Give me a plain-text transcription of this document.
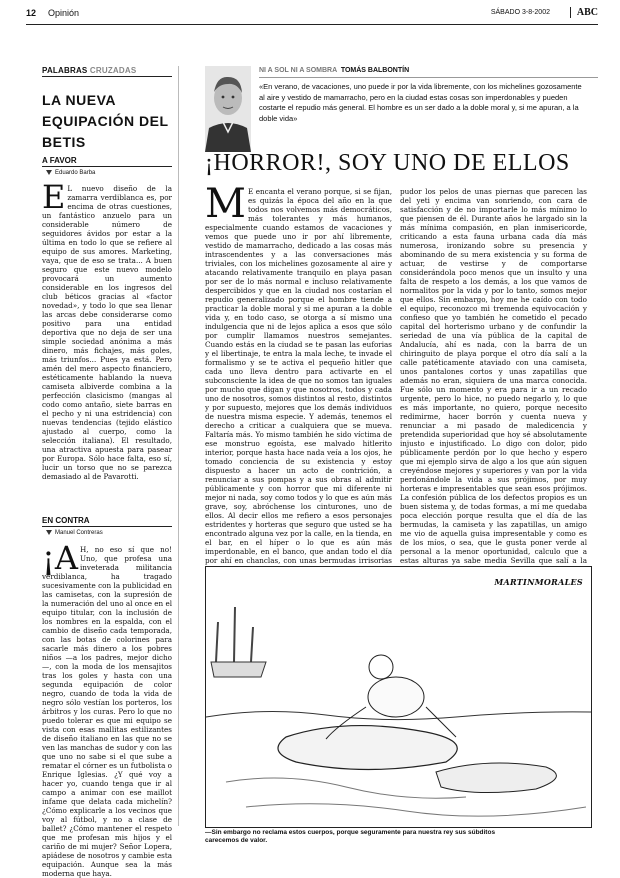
12 Opinión	SÁBADO 3-8-2002	ABC
PALABRAS CRUZADAS
LA NUEVA EQUIPACIÓN DEL BETIS
A FAVOR
Eduardo Barba
E L nuevo diseño de la zamarra verdiblanca es, por encima de otras cuestiones, un fantástico anzuelo para un considerable número de seguidores ávidos por estar a la última en todo lo que se refiere al equipo de sus amores. Marketing, vaya, que de eso se trata... A buen seguro que este nuevo modelo provocará un aumento considerable en los ingresos del club béticos gracias al «factor novedad», y todo lo que sea llenar las arcas debe considerarse como positivo para una entidad deportiva que no deja de ser una simple sociedad anónima a más dinero, más fichajes, más goles, más triunfos... Pues ya está. Pero amén del mero aspecto financiero, estéticamente hablando la nueva camiseta albiverde combina a la perfección clasicismo (mangas al codo como antaño, siete barras en el pecho y ni una estridencia) con nuevas tendencias (tejido elástico ajustado al cuerpo, como la selección italiana). El resultado, una atractiva apuesta para pasear por Europa. Sólo hace falta, eso sí, lucir un torso que no se parezca demasiado al de Pavarotti.
EN CONTRA
Manuel Contreras
¡A H, no eso sí que no! Uno, que profesa una inveterada militancia verdiblanca, ha tragado sucesivamente con la publicidad en las camisetas, con la supresión de la numeración del uno al once en el equipo titular, con la inclusión de los nombres en la espalda, con el cambio de diseño cada temporada, con las botas de colorines para sacarle más dinero a los pobres niños —a los padres, mejor dicho—, con la moda de los mensajitos tras los goles y hasta con una segunda equipación de color negro, cuando de toda la vida de negro sólo vestían los porteros, los árbitros y los curas. Pero lo que no puedo tolerar es que mi equipo se vista con esas mallitas estilizantes de diseño italiano en las que no se ven las manchas de sudor y con las que uno no sabe si el que sube a rematar el córner es un futbolista o Enrique Iglesias. ¿Y qué voy a hacer yo, cuando tenga que ir al campo a animar con ese maillot infame que delata cada michelín? ¿Cómo explicarle a los vecinos que voy al fútbol, y no a clase de ballet? ¿Cómo mantener el respeto que me profesan mis hijos y el cariño de mi mujer? Señor Lopera, apiádese de nosotros y cambie esta equipación. Aunque sea la más moderna que haya.
NI A SOL NI A SOMBRA TOMÁS BALBONTÍN
«En verano, de vacaciones, uno puede ir por la vida libremente, con los michelines gozosamente al aire y vestido de mamarracho, pero en la ciudad estas cosas son imperdonables y pueden costarte el repudio más general. El hombre es un ser dado a la doble moral y, si me apuran, a la doble vida»
¡HORROR!, SOY UNO DE ELLOS
M E encanta el verano porque, si se fijan, es quizás la época del año en la que todos nos volvemos más democráticos, más tolerantes y más humanos, especialmente cuando estamos de vacaciones y vemos que puede uno ir por ahí libremente, vestido de mamarracho, dedicado a las cosas más intrascendentes y a las conversaciones más triviales, con los michelines gozosamente al aire y atacando relativamente tranquilo en playa pasan por ser de lo más normal e incluso relativamente despercibidos y que en la ciudad nos costarían el repudio generalizado porque el hombre tiende a practicar la doble moral y si me apuran a la doble vida y, en todo caso, se otorga a sí mismo una indulgencia que ni de lejos aplica a esos que sólo por cumplir llamamos nuestros semejantes. Cuando estás en la ciudad se te pasan las euforias y el libertinaje, te entra la mala leche, te invade el formalismo y se te activa el pequeño hitler que cada uno lleva dentro para activarte en el subconsciente la idea de que no somos tan iguales por mucho que digan y que nosotros, todos y cada uno de nosotros, somos distintos al resto, distintos y por supuesto, mejores que los demás individuos de nuestra misma especie. Y además, tenemos el derecho a criticar a cualquiera que se mueva. Faltaría más. Yo mismo también he sido víctima de ese monstruo egoísta, ese malvado hitlerito interior, porque hasta hace nada veía a los ojos, he tomado conciencia de su existencia y estoy dispuesto a hacer un acto de contrición, a renunciar a sus pompas y a sus obras al admitir públicamente y con horror que mi diferente ni mejor ni nada, soy como todos y lo que es aún más grave, soy, abróchense los cinturones, uno de ellos. Al decir ellos me refiero a esos personajes estridentes y horteras que seguro que usted se ha encontrado alguna vez por la calle, en la tienda, en el bar, en el híper o lo que es aún más imperdonable, en el banco, que andan todo el día por ahí en chanclas, con unas bermudas irrisorias
pudor los pelos de unas piernas que parecen las del yeti y encima van sonriendo, con cara de satisfacción y de no importarle lo más mínimo lo que piensen de él. Durante años he largado sin la más mínima compasión, en plan inmisericorde, criticando a esta fauna urbana cada día más numerosa, ironizando sobre su presencia y abominando de su mera existencia y su forma de actuar, de vestirse y de comportarse considerándola poco menos que un insulto y una falta de respeto a los demás, a los que vamos de normalitos por la vida y por lo tanto, somos mejor que ellos. Sin embargo, hoy me he caído con todo el equipo, reconozco mi tremenda equivocación y confieso que yo también he cometido el pecado capital del horterismo urbano y de confundir la seriedad de una vía pública de la capital de Andalucía, ahí es nada, con la barra de un chiringuito de playa porque el otro día salí a la calle patéticamente ataviado con una camiseta, unos pantalones cortos y unas zapatillas que además no eran, siquiera de una marca conocida. Fue sólo un momento y era para ir a un recado urgente, pero lo hice, no puedo negarlo y, lo que es más importante, no quiero, porque necesito redimirme, hacer borrón y cuenta nueva y renunciar a mi pasado de maledicencia y pretendida superioridad que hoy sé absolutamente injusto e injustificado. Lo digo con dolor, pido públicamente perdón por lo que hecho y espero que mi ejemplo sirva de algo a los que aún siguen creyéndose mejores y superiores y van por la vida perdonándole la vida a sus prójimos, por muy horteras e impresentables que sean esos prójimos. La confesión pública de los defectos propios es un buen sistema y, de todas formas, a mí me quedaba poca elección porque resulta que el día de las bermudas, la camiseta y las zapatillas, un amigo me vio de aquella guisa impresentable y como es de los míos, o sea, que le gusta poner verde al personal a la menor oportunidad, calculo que a estas alturas ya sabe media Sevilla que salí a la
MARTINMORALES
—Sin embargo no reclama estos cuerpos, porque seguramente para nuestra rey sus súbditos carecemos de valor.
